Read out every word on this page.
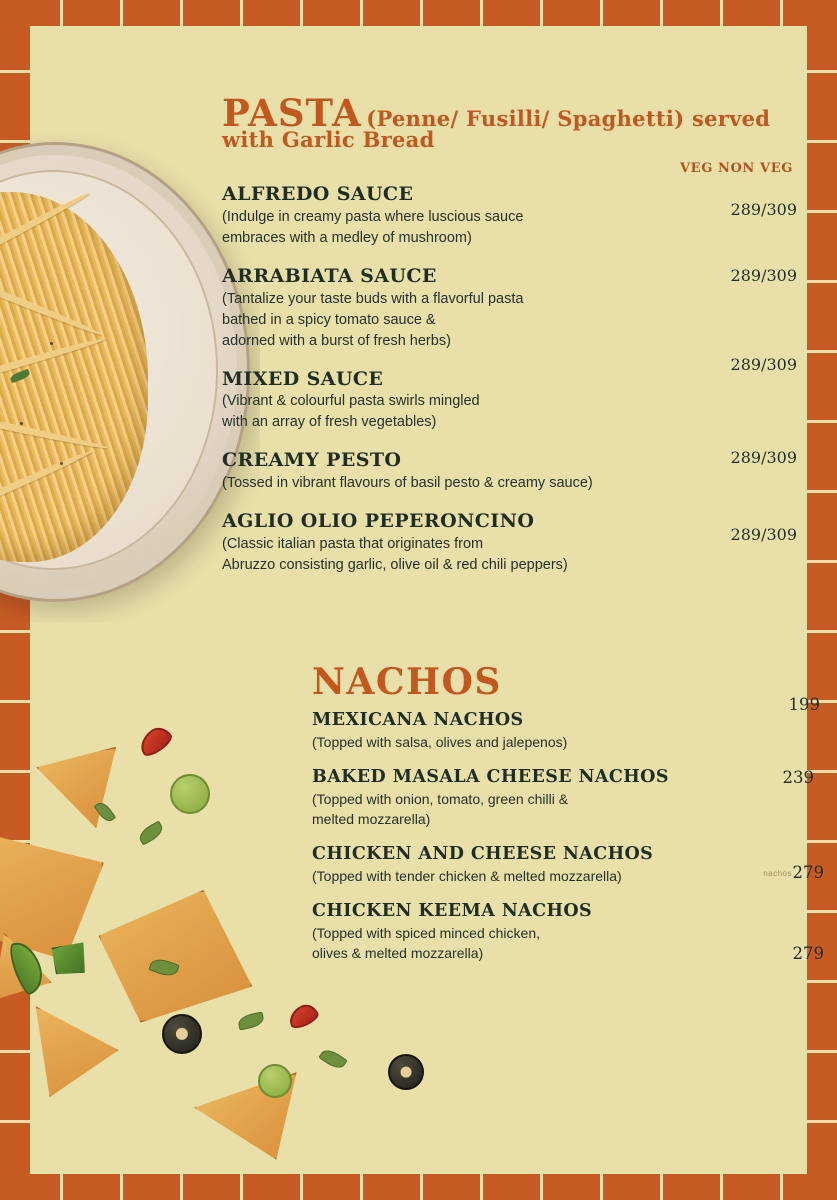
PASTA (Penne/ Fusilli/ Spaghetti) served
with Garlic Bread
ALFREDO SAUCE
(Indulge in creamy pasta where luscious sauce
embraces with a medley of mushroom)
289/309
ARRABIATA SAUCE
(Tantalize your taste buds with a flavorful pasta
bathed in a spicy tomato sauce &
adorned with a burst of fresh herbs)
289/309
MIXED SAUCE
(Vibrant & colourful pasta swirls mingled
with an array of fresh vegetables)
289/309
CREAMY PESTO
(Tossed in vibrant flavours of basil pesto & creamy sauce)
289/309
AGLIO OLIO PEPERONCINO
(Classic italian pasta that originates from
Abruzzo consisting garlic, olive oil & red chili peppers)
289/309
VEG NON VEG
NACHOS
MEXICANA NACHOS
(Topped with salsa, olives and jalepenos)
199
BAKED MASALA CHEESE NACHOS
(Topped with onion, tomato, green chilli &
melted mozzarella)
239
CHICKEN AND CHEESE NACHOS
(Topped with tender chicken & melted mozzarella)	279
nachos
CHICKEN KEEMA NACHOS
(Topped with spiced minced chicken,
olives & melted mozzarella)	279
